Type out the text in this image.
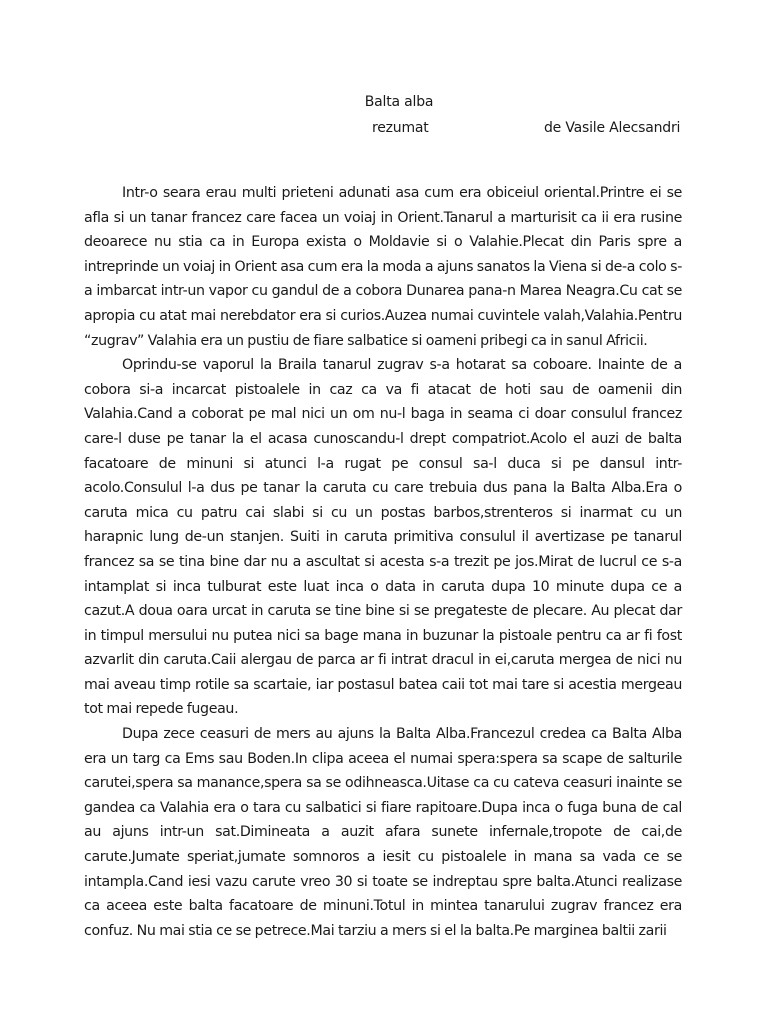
Balta alba
rezumat	de Vasile Alecsandri

Intr-o seara erau multi prieteni adunati asa cum era obiceiul oriental.Printre ei se afla si un tanar francez care facea un voiaj in Orient.Tanarul a marturisit ca ii era rusine deoarece nu stia ca in Europa exista o Moldavie si o Valahie.Plecat din Paris spre a intreprinde un voiaj in Orient asa cum era la moda a ajuns sanatos la Viena si de-a colo s-a imbarcat intr-un vapor cu gandul de a cobora Dunarea pana-n Marea Neagra.Cu cat se apropia cu atat mai nerebdator era si curios.Auzea numai cuvintele valah,Valahia.Pentru “zugrav” Valahia era un pustiu de fiare salbatice si oameni pribegi ca in sanul Africii.

Oprindu-se vaporul la Braila tanarul zugrav s-a hotarat sa coboare. Inainte de a cobora si-a incarcat pistoalele in caz ca va fi atacat de hoti sau de oamenii din Valahia.Cand a coborat pe mal nici un om nu-l baga in seama ci doar consulul francez care-l duse pe tanar la el acasa cunoscandu-l drept compatriot.Acolo el auzi de balta facatoare de minuni si atunci l-a rugat pe consul sa-l duca si pe dansul intr-acolo.Consulul l-a dus pe tanar la caruta cu care trebuia dus pana la Balta Alba.Era o caruta mica cu patru cai slabi si cu un postas barbos,strenteros si inarmat cu un harapnic lung de-un stanjen. Suiti in caruta primitiva consulul il avertizase pe tanarul francez sa se tina bine dar nu a ascultat si acesta s-a trezit pe jos.Mirat de lucrul ce s-a intamplat si inca tulburat este luat inca o data in caruta dupa 10 minute dupa ce a cazut.A doua oara urcat in caruta se tine bine si se pregateste de plecare. Au plecat dar in timpul mersului nu putea nici sa bage mana in buzunar la pistoale pentru ca ar fi fost azvarlit din caruta.Caii alergau de parca ar fi intrat dracul in ei,caruta mergea de nici nu mai aveau timp rotile sa scartaie, iar postasul batea caii tot mai tare si acestia mergeau tot mai repede fugeau.

Dupa zece ceasuri de mers au ajuns la Balta Alba.Francezul credea ca Balta Alba era un targ ca Ems sau Boden.In clipa aceea el numai spera:spera sa scape de salturile carutei,spera sa manance,spera sa se odihneasca.Uitase ca cu cateva ceasuri inainte se gandea ca Valahia era o tara cu salbatici si fiare rapitoare.Dupa inca o fuga buna de cal au ajuns intr-un sat.Dimineata a auzit afara sunete infernale,tropote de cai,de carute.Jumate speriat,jumate somnoros a iesit cu pistoalele in mana sa vada ce se intampla.Cand iesi vazu carute vreo 30 si toate se indreptau spre balta.Atunci realizase ca aceea este balta facatoare de minuni.Totul in mintea tanarului zugrav francez era confuz. Nu mai stia ce se petrece.Mai tarziu a mers si el la balta.Pe marginea baltii zarii
